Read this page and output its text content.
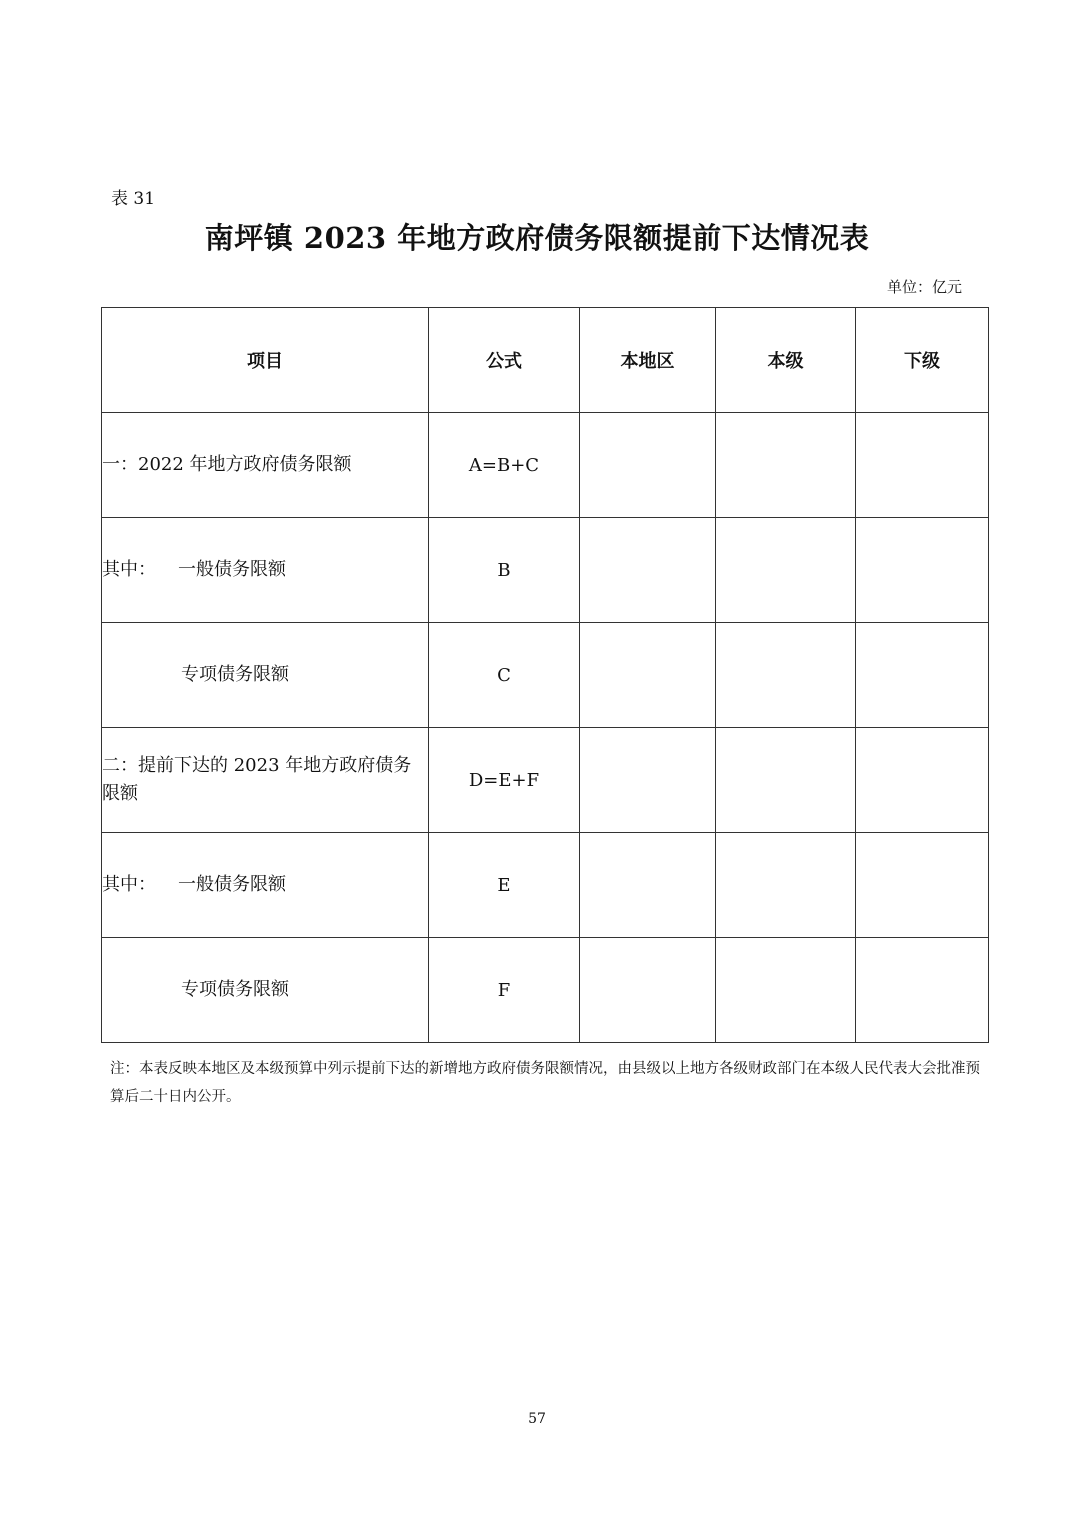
表 31
南坪镇 2023 年地方政府债务限额提前下达情况表
单位：亿元
项目	公式	本地区	本级	下级
一：2022 年地方政府债务限额	A=B+C			
其中： 一般债务限额	B			
专项债务限额	C			
二：提前下达的 2023 年地方政府债务限额	D=E+F			
其中： 一般债务限额	E			
专项债务限额	F			
注：本表反映本地区及本级预算中列示提前下达的新增地方政府债务限额情况，由县级以上地方各级财政部门在本级人民代表大会批准预算后二十日内公开。
57
